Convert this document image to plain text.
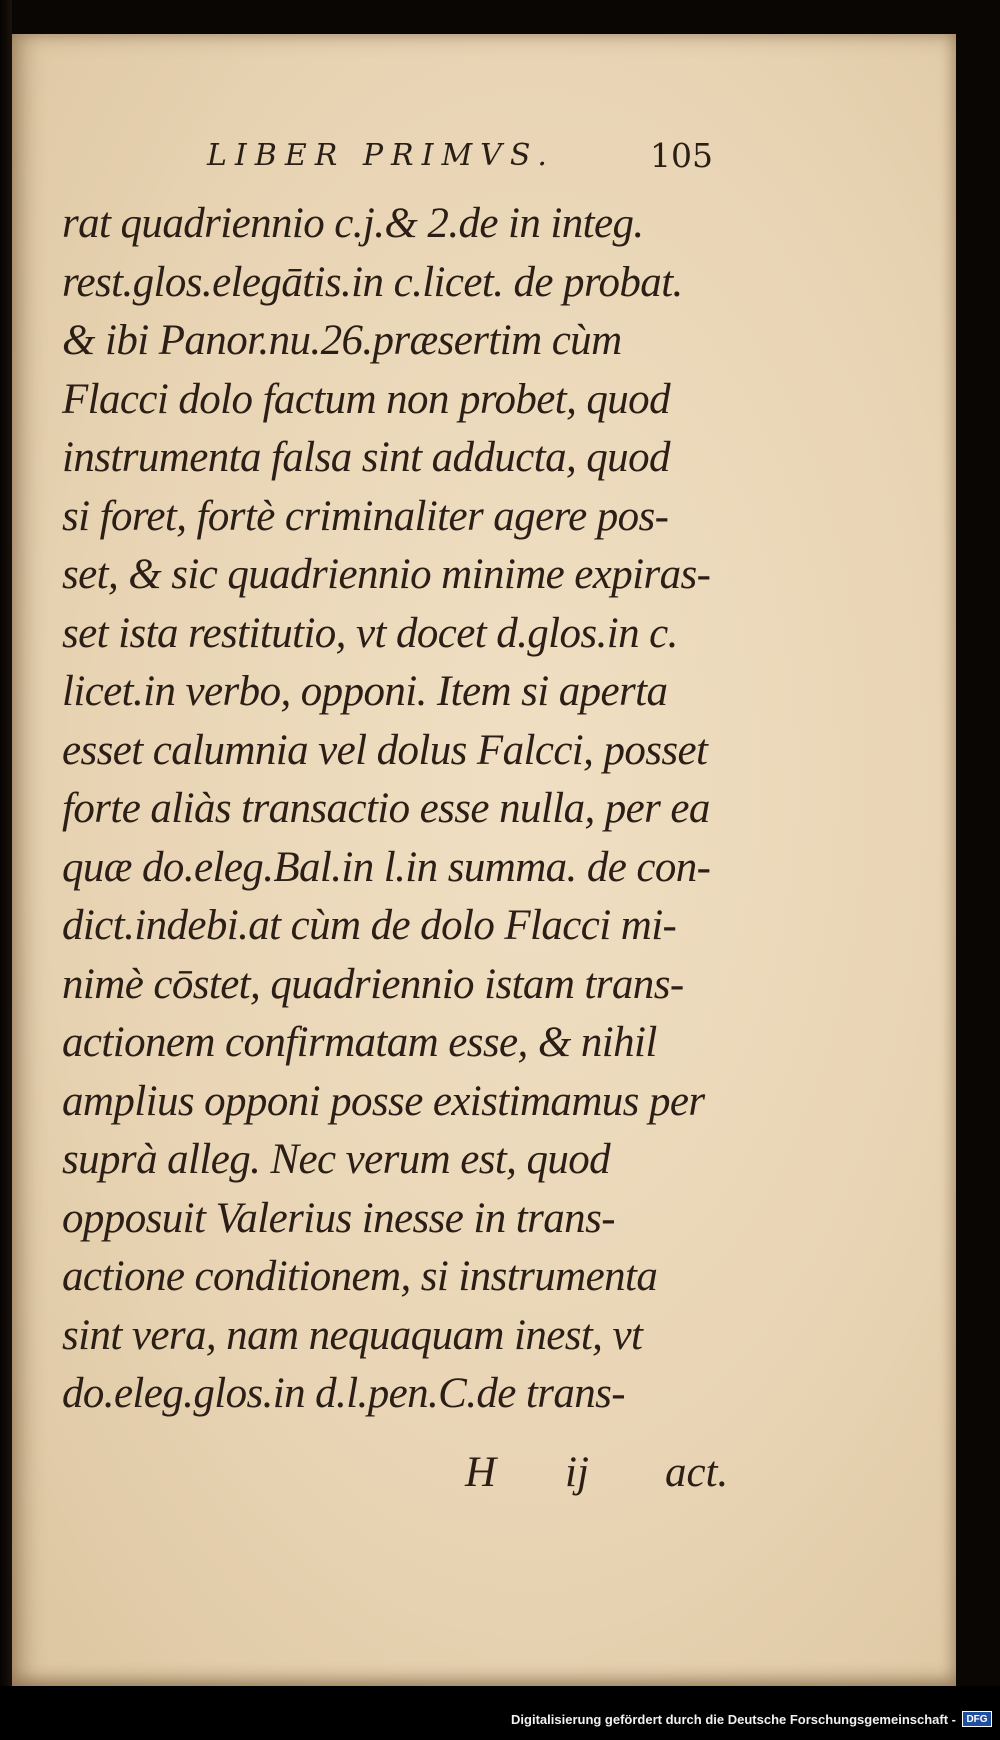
LIBER PRIMVS.	105
rat quadriennio c.j.& 2.de in integ.
rest.glos.elegātis.in c.licet. de probat.
& ibi Panor.nu.26.præsertim cùm
Flacci dolo factum non probet, quod
instrumenta falsa sint adducta, quod
si foret, fortè criminaliter agere pos-
set, & sic quadriennio minime expiras-
set ista restitutio, vt docet d.glos.in c.
licet.in verbo, opponi. Item si aperta
esset calumnia vel dolus Falcci, posset
forte aliàs transactio esse nulla, per ea
quæ do.eleg.Bal.in l.in summa. de con-
dict.indebi.at cùm de dolo Flacci mi-
nimè cōstet, quadriennio istam trans-
actionem confirmatam esse, & nihil
amplius opponi posse existimamus per
suprà alleg. Nec verum est, quod
opposuit Valerius inesse in trans-
actione conditionem, si instrumenta
sint vera, nam nequaquam inest, vt
do.eleg.glos.in d.l.pen.C.de trans-
H ij act.
Digitalisierung gefördert durch die Deutsche Forschungsgemeinschaft -	DFG
